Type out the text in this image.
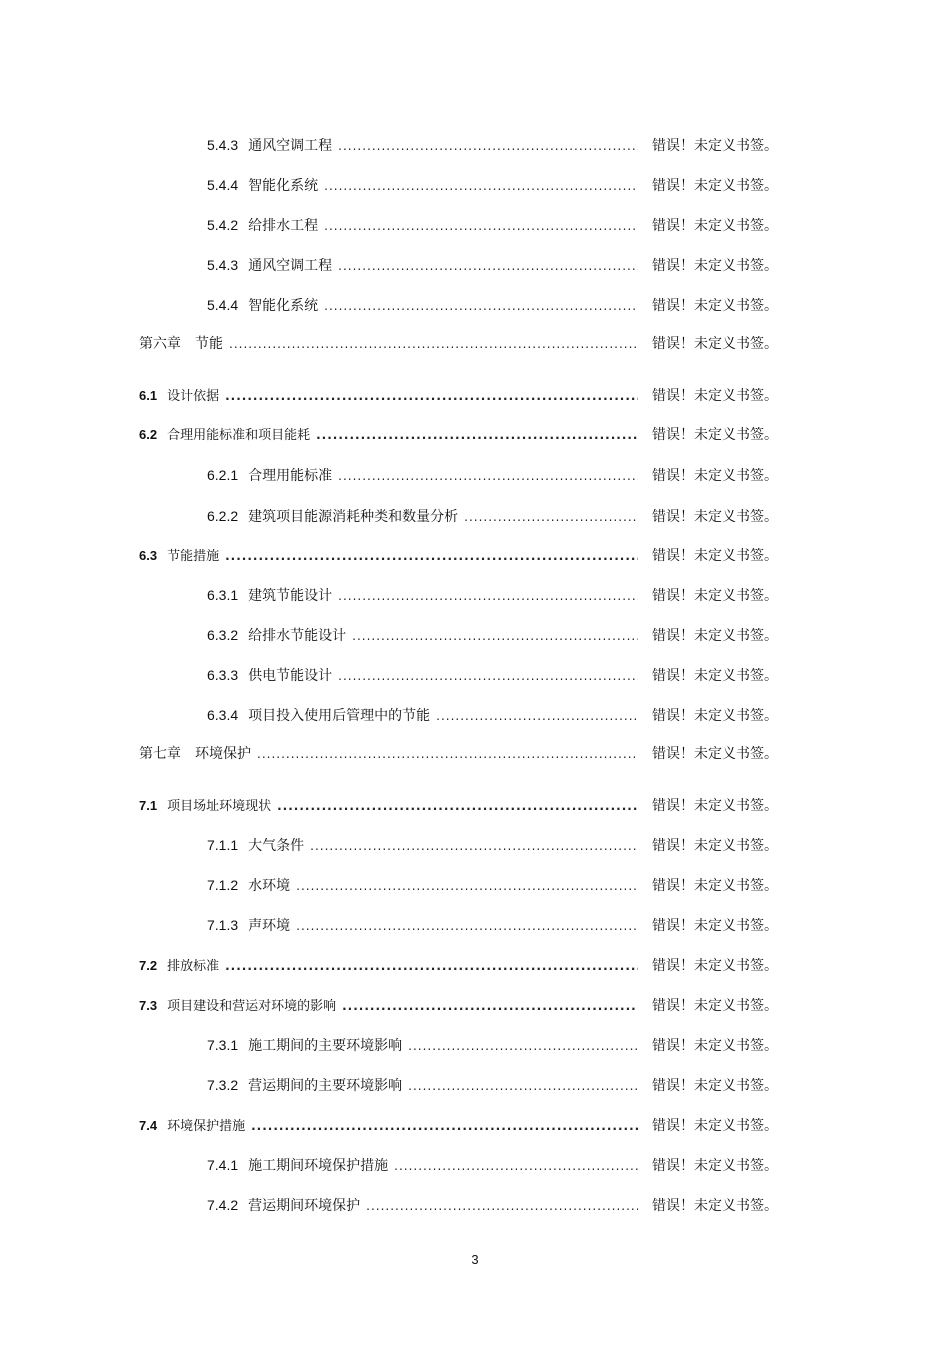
5.4.3 通风空调工程 .....	错误！未定义书签。
5.4.4 智能化系统 .....	错误！未定义书签。
5.4.2 给排水工程 .....	错误！未定义书签。
5.4.3 通风空调工程 .....	错误！未定义书签。
5.4.4 智能化系统 .....	错误！未定义书签。
第六章 节能 .....	错误！未定义书签。
6.1 设计依据 .....	错误！未定义书签。
6.2 合理用能标准和项目能耗 .....	错误！未定义书签。
6.2.1 合理用能标准 .....	错误！未定义书签。
6.2.2 建筑项目能源消耗种类和数量分析 .....	错误！未定义书签。
6.3 节能措施 .....	错误！未定义书签。
6.3.1 建筑节能设计 .....	错误！未定义书签。
6.3.2 给排水节能设计 .....	错误！未定义书签。
6.3.3 供电节能设计 .....	错误！未定义书签。
6.3.4 项目投入使用后管理中的节能 .....	错误！未定义书签。
第七章 环境保护 .....	错误！未定义书签。
7.1 项目场址环境现状 .....	错误！未定义书签。
7.1.1 大气条件 .....	错误！未定义书签。
7.1.2 水环境 .....	错误！未定义书签。
7.1.3 声环境 .....	错误！未定义书签。
7.2 排放标准 .....	错误！未定义书签。
7.3 项目建设和营运对环境的影响 .....	错误！未定义书签。
7.3.1 施工期间的主要环境影响 .....	错误！未定义书签。
7.3.2 营运期间的主要环境影响 .....	错误！未定义书签。
7.4 环境保护措施 .....	错误！未定义书签。
7.4.1 施工期间环境保护措施 .....	错误！未定义书签。
7.4.2 营运期间环境保护 .....	错误！未定义书签。
3
